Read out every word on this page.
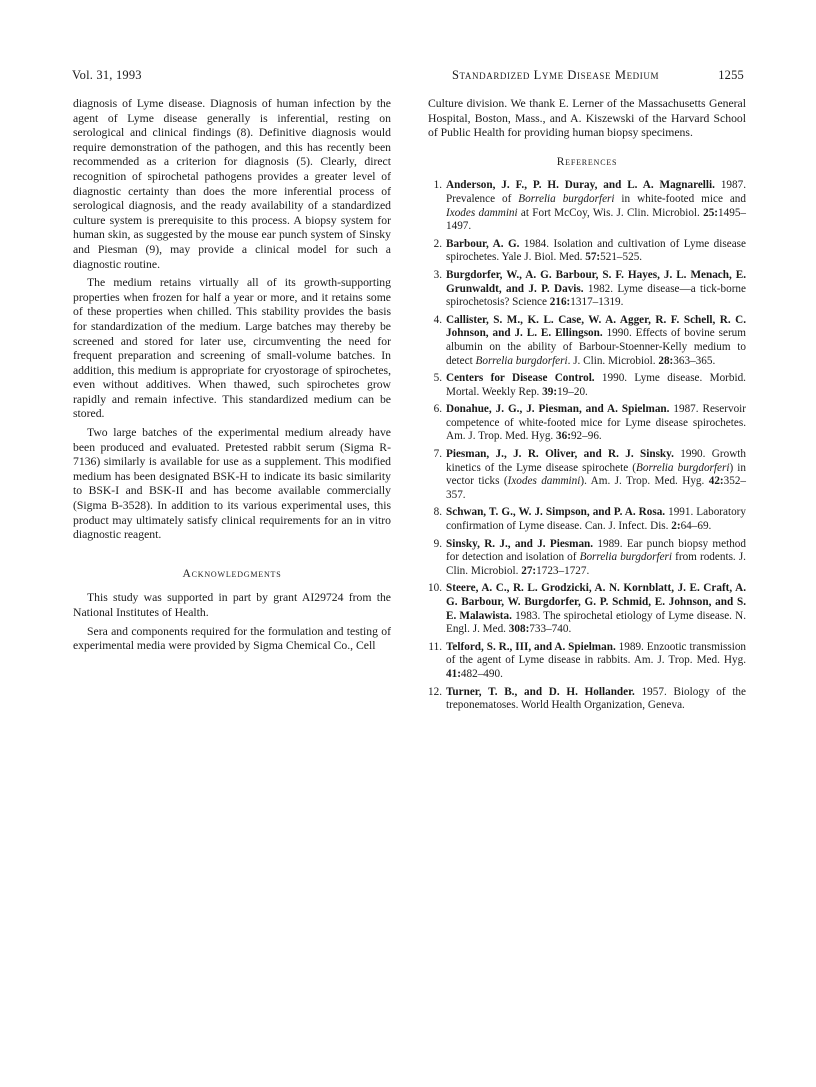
Vol. 31, 1993	Standardized Lyme Disease Medium	1255

diagnosis of Lyme disease. Diagnosis of human infection by the agent of Lyme disease generally is inferential, resting on serological and clinical findings (8). Definitive diagnosis would require demonstration of the pathogen, and this has recently been recommended as a criterion for diagnosis (5). Clearly, direct recognition of spirochetal pathogens provides a greater level of diagnostic certainty than does the more inferential process of serological diagnosis, and the ready availability of a standardized culture system is prerequisite to this process. A biopsy system for human skin, as suggested by the mouse ear punch system of Sinsky and Piesman (9), may provide a clinical model for such a diagnostic routine.

The medium retains virtually all of its growth-supporting properties when frozen for half a year or more, and it retains some of these properties when chilled. This stability provides the basis for standardization of the medium. Large batches may thereby be screened and stored for later use, circumventing the need for frequent preparation and screening of small-volume batches. In addition, this medium is appropriate for cryostorage of spirochetes, even without additives. When thawed, such spirochetes grow rapidly and remain infective. This standardized medium can be stored.

Two large batches of the experimental medium already have been produced and evaluated. Pretested rabbit serum (Sigma R-7136) similarly is available for use as a supplement. This modified medium has been designated BSK-H to indicate its basic similarity to BSK-I and BSK-II and has become available commercially (Sigma B-3528). In addition to its various experimental uses, this product may ultimately satisfy clinical requirements for an in vitro diagnostic reagent.

Acknowledgments

This study was supported in part by grant AI29724 from the National Institutes of Health.

Sera and components required for the formulation and testing of experimental media were provided by Sigma Chemical Co., Cell

Culture division. We thank E. Lerner of the Massachusetts General Hospital, Boston, Mass., and A. Kiszewski of the Harvard School of Public Health for providing human biopsy specimens.

References
1. Anderson, J. F., P. H. Duray, and L. A. Magnarelli. 1987. Prevalence of Borrelia burgdorferi in white-footed mice and Ixodes dammini at Fort McCoy, Wis. J. Clin. Microbiol. 25:1495–1497.
2. Barbour, A. G. 1984. Isolation and cultivation of Lyme disease spirochetes. Yale J. Biol. Med. 57:521–525.
3. Burgdorfer, W., A. G. Barbour, S. F. Hayes, J. L. Menach, E. Grunwaldt, and J. P. Davis. 1982. Lyme disease—a tick-borne spirochetosis? Science 216:1317–1319.
4. Callister, S. M., K. L. Case, W. A. Agger, R. F. Schell, R. C. Johnson, and J. L. E. Ellingson. 1990. Effects of bovine serum albumin on the ability of Barbour-Stoenner-Kelly medium to detect Borrelia burgdorferi. J. Clin. Microbiol. 28:363–365.
5. Centers for Disease Control. 1990. Lyme disease. Morbid. Mortal. Weekly Rep. 39:19–20.
6. Donahue, J. G., J. Piesman, and A. Spielman. 1987. Reservoir competence of white-footed mice for Lyme disease spirochetes. Am. J. Trop. Med. Hyg. 36:92–96.
7. Piesman, J., J. R. Oliver, and R. J. Sinsky. 1990. Growth kinetics of the Lyme disease spirochete (Borrelia burgdorferi) in vector ticks (Ixodes dammini). Am. J. Trop. Med. Hyg. 42:352–357.
8. Schwan, T. G., W. J. Simpson, and P. A. Rosa. 1991. Laboratory confirmation of Lyme disease. Can. J. Infect. Dis. 2:64–69.
9. Sinsky, R. J., and J. Piesman. 1989. Ear punch biopsy method for detection and isolation of Borrelia burgdorferi from rodents. J. Clin. Microbiol. 27:1723–1727.
10. Steere, A. C., R. L. Grodzicki, A. N. Kornblatt, J. E. Craft, A. G. Barbour, W. Burgdorfer, G. P. Schmid, E. Johnson, and S. E. Malawista. 1983. The spirochetal etiology of Lyme disease. N. Engl. J. Med. 308:733–740.
11. Telford, S. R., III, and A. Spielman. 1989. Enzootic transmission of the agent of Lyme disease in rabbits. Am. J. Trop. Med. Hyg. 41:482–490.
12. Turner, T. B., and D. H. Hollander. 1957. Biology of the treponematoses. World Health Organization, Geneva.
